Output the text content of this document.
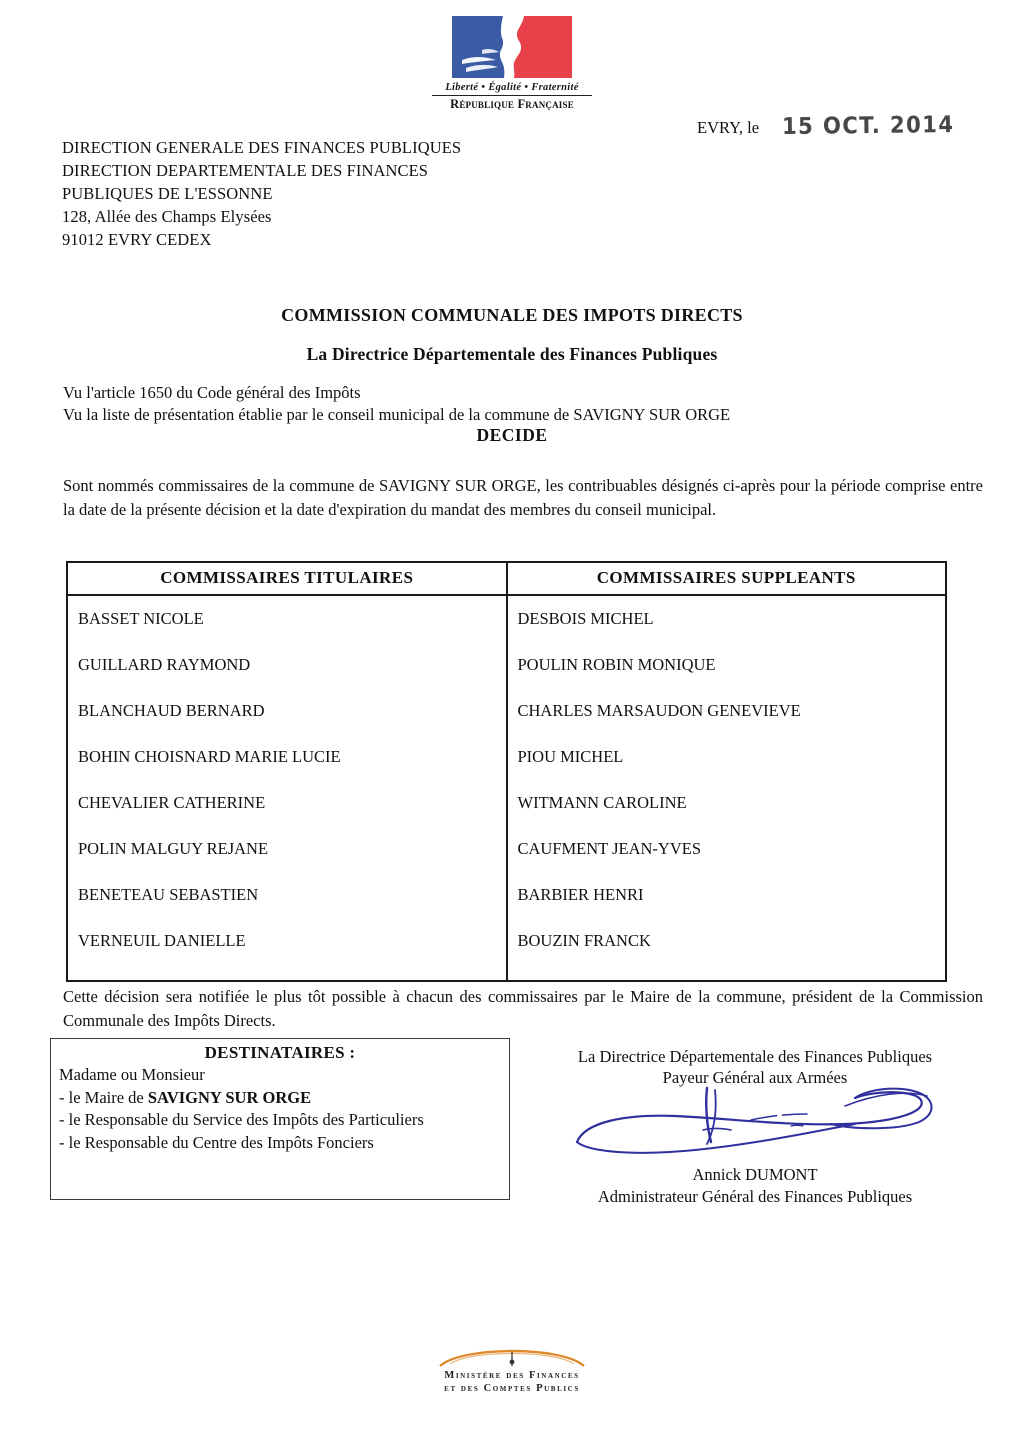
Liberté • Égalité • Fraternité
République Française
DIRECTION GENERALE DES FINANCES PUBLIQUES
DIRECTION DEPARTEMENTALE DES FINANCES
PUBLIQUES DE L'ESSONNE
128, Allée des Champs Elysées
91012 EVRY CEDEX
EVRY, le 15 OCT. 2014
COMMISSION COMMUNALE DES IMPOTS DIRECTS
La Directrice Départementale des Finances Publiques
Vu l'article 1650 du Code général des Impôts
Vu la liste de présentation établie par le conseil municipal de la commune de SAVIGNY SUR ORGE
DECIDE
Sont nommés commissaires de la commune de SAVIGNY SUR ORGE, les contribuables désignés ci-après pour la période comprise entre la date de la présente décision et la date d'expiration du mandat des membres du conseil municipal.
COMMISSAIRES TITULAIRES	COMMISSAIRES SUPPLEANTS
BASSET NICOLE	DESBOIS MICHEL
GUILLARD RAYMOND	POULIN ROBIN MONIQUE
BLANCHAUD BERNARD	CHARLES MARSAUDON GENEVIEVE
BOHIN CHOISNARD MARIE LUCIE	PIOU MICHEL
CHEVALIER CATHERINE	WITMANN CAROLINE
POLIN MALGUY REJANE	CAUFMENT JEAN-YVES
BENETEAU SEBASTIEN	BARBIER HENRI
VERNEUIL DANIELLE	BOUZIN FRANCK
Cette décision sera notifiée le plus tôt possible à chacun des commissaires par le Maire de la commune, président de la Commission Communale des Impôts Directs.
DESTINATAIRES :
Madame ou Monsieur
- le Maire de SAVIGNY SUR ORGE
- le Responsable du Service des Impôts des Particuliers
- le Responsable du Centre des Impôts Fonciers
La Directrice Départementale des Finances Publiques
Payeur Général aux Armées
Annick DUMONT
Administrateur Général des Finances Publiques
Ministère des Finances
et des Comptes Publics
